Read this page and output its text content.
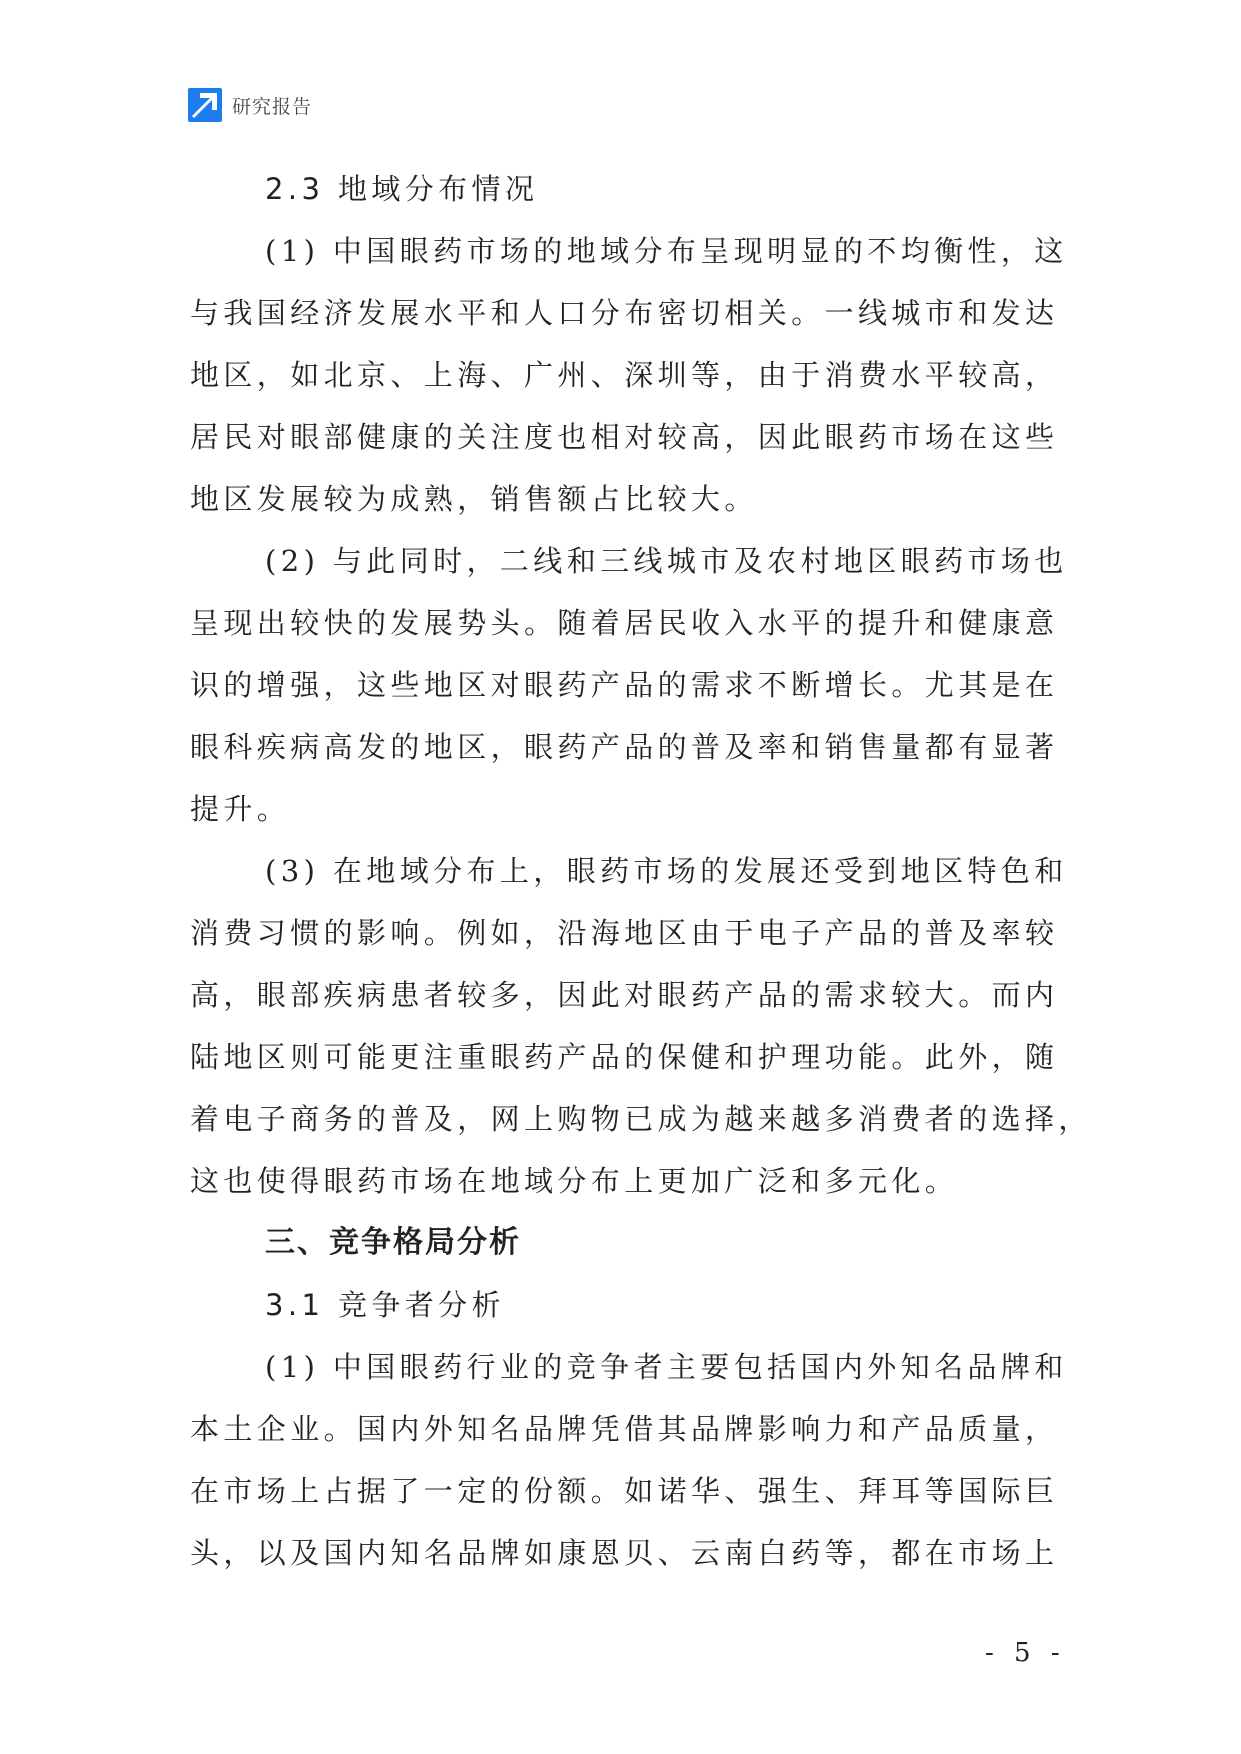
研究报告
2.3 地域分布情况
(1) 中国眼药市场的地域分布呈现明显的不均衡性，这
与我国经济发展水平和人口分布密切相关。一线城市和发达
地区，如北京、上海、广州、深圳等，由于消费水平较高，
居民对眼部健康的关注度也相对较高，因此眼药市场在这些
地区发展较为成熟，销售额占比较大。
(2) 与此同时，二线和三线城市及农村地区眼药市场也
呈现出较快的发展势头。随着居民收入水平的提升和健康意
识的增强，这些地区对眼药产品的需求不断增长。尤其是在
眼科疾病高发的地区，眼药产品的普及率和销售量都有显著
提升。
(3) 在地域分布上，眼药市场的发展还受到地区特色和
消费习惯的影响。例如，沿海地区由于电子产品的普及率较
高，眼部疾病患者较多，因此对眼药产品的需求较大。而内
陆地区则可能更注重眼药产品的保健和护理功能。此外，随
着电子商务的普及，网上购物已成为越来越多消费者的选择，
这也使得眼药市场在地域分布上更加广泛和多元化。
三、竞争格局分析
3.1 竞争者分析
(1) 中国眼药行业的竞争者主要包括国内外知名品牌和
本土企业。国内外知名品牌凭借其品牌影响力和产品质量，
在市场上占据了一定的份额。如诺华、强生、拜耳等国际巨
头，以及国内知名品牌如康恩贝、云南白药等，都在市场上
- 5 -
